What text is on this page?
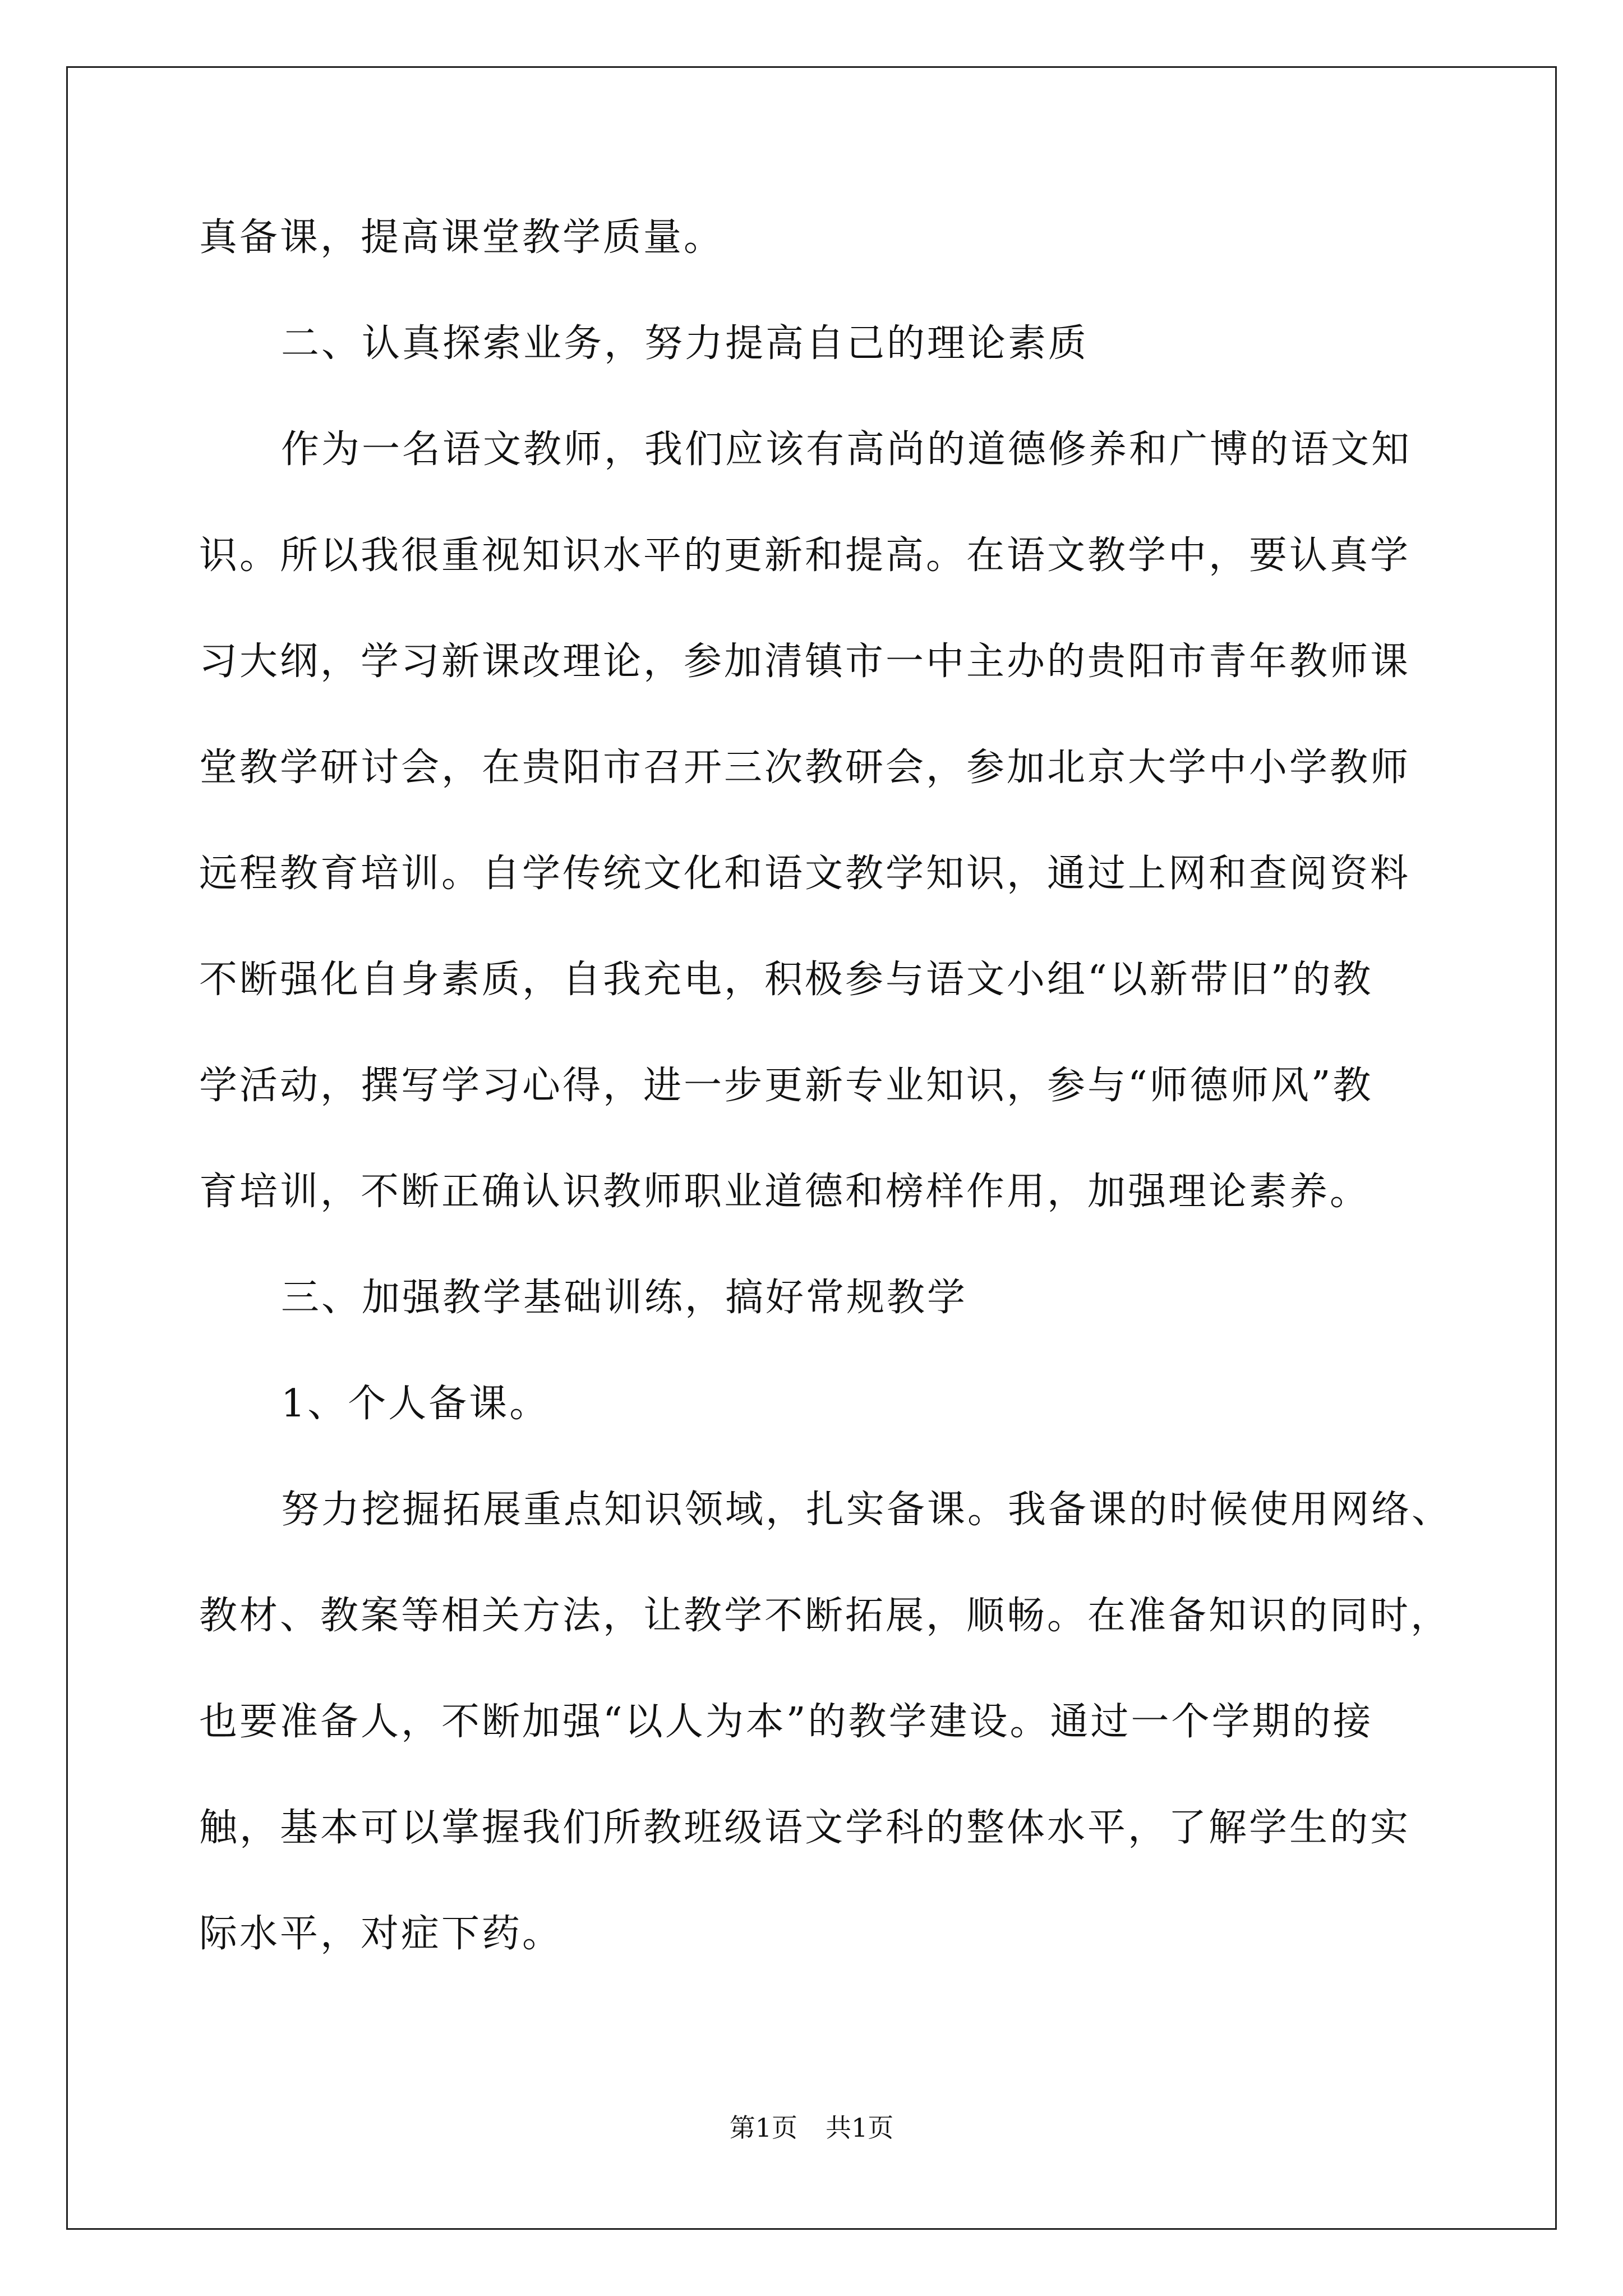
真备课，提高课堂教学质量。

二、认真探索业务，努力提高自己的理论素质

作为一名语文教师，我们应该有高尚的道德修养和广博的语文知

识。所以我很重视知识水平的更新和提高。在语文教学中，要认真学

习大纲，学习新课改理论，参加清镇市一中主办的贵阳市青年教师课

堂教学研讨会，在贵阳市召开三次教研会，参加北京大学中小学教师

远程教育培训。自学传统文化和语文教学知识，通过上网和查阅资料

不断强化自身素质，自我充电，积极参与语文小组“以新带旧”的教

学活动，撰写学习心得，进一步更新专业知识，参与“师德师风”教

育培训，不断正确认识教师职业道德和榜样作用，加强理论素养。

三、加强教学基础训练，搞好常规教学

1、个人备课。

努力挖掘拓展重点知识领域，扎实备课。我备课的时候使用网络、

教材、教案等相关方法，让教学不断拓展，顺畅。在准备知识的同时，

也要准备人，不断加强“以人为本”的教学建设。通过一个学期的接

触，基本可以掌握我们所教班级语文学科的整体水平，了解学生的实

际水平，对症下药。

第1页 共1页
